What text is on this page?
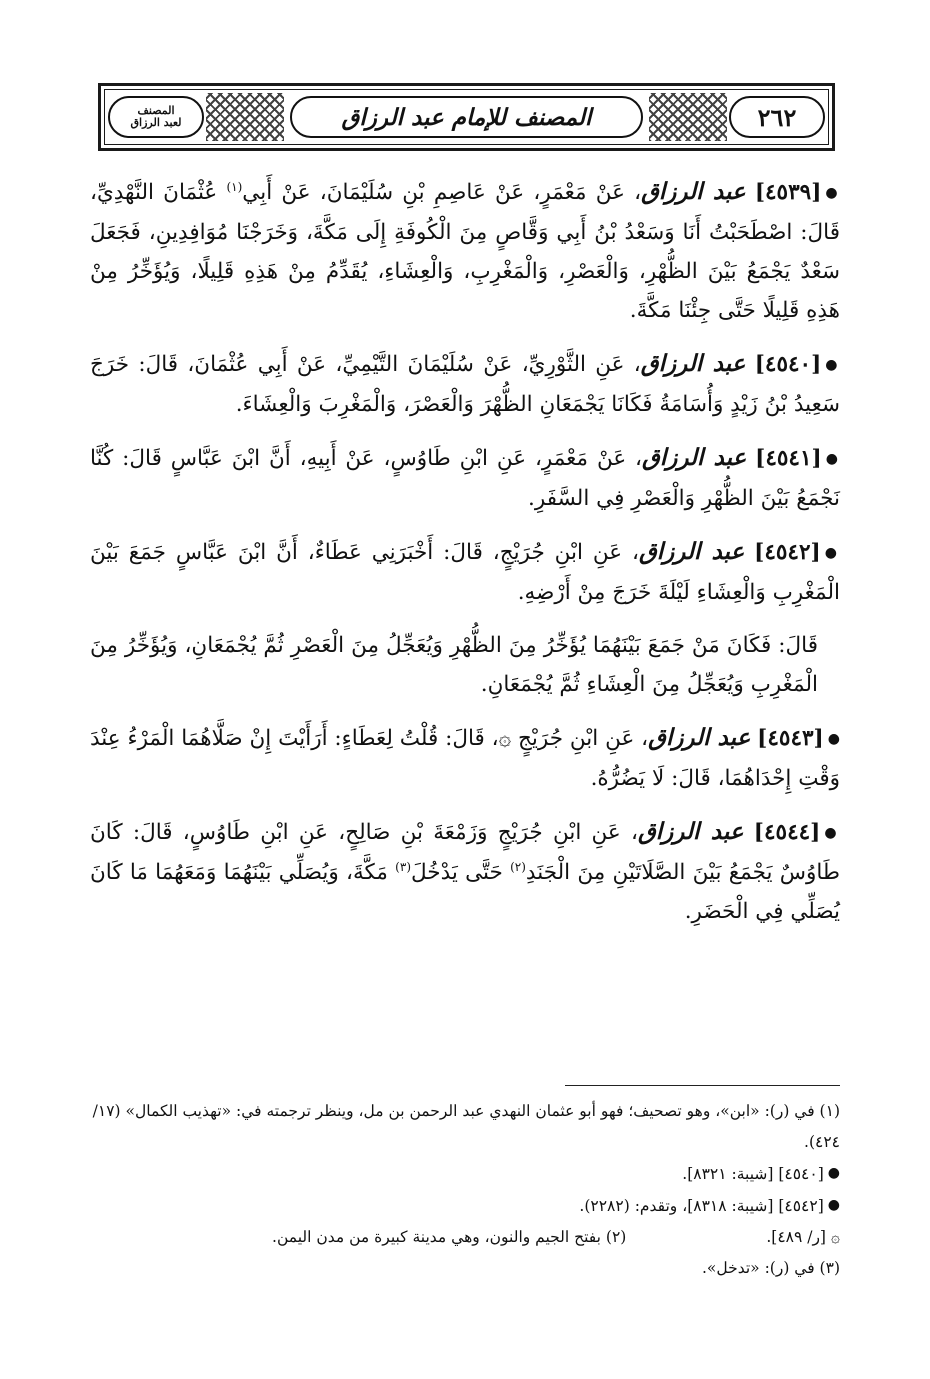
المصنف
لعبد الرزاق	المصنف للإمام عبد الرزاق	٢٦٢

●[٤٥٣٩] عبد الرزاق، عَنْ مَعْمَرٍ، عَنْ عَاصِمِ بْنِ سُلَيْمَانَ، عَنْ أَبِي$^{(١)}$ عُثْمَانَ النَّهْدِيِّ، قَالَ: اصْطَحَبْتُ أَنَا وَسَعْدُ بْنُ أَبِي وَقَّاصٍ مِنَ الْكُوفَةِ إِلَى مَكَّةَ، وَخَرَجْنَا مُوَافِدِينِ، فَجَعَلَ سَعْدٌ يَجْمَعُ بَيْنَ الظُّهْرِ، وَالْعَصْرِ، وَالْمَغْرِبِ، وَالْعِشَاءِ، يُقَدِّمُ مِنْ هَذِهِ قَلِيلًا، وَيُؤَخِّرُ مِنْ هَذِهِ قَلِيلًا حَتَّى جِئْنَا مَكَّةَ.

●[٤٥٤٠] عبد الرزاق، عَنِ الثَّوْرِيِّ، عَنْ سُلَيْمَانَ التَّيْمِيِّ، عَنْ أَبِي عُثْمَانَ، قَالَ: خَرَجَ سَعِيدُ بْنُ زَيْدٍ وَأُسَامَةُ فَكَانَا يَجْمَعَانِ الظُّهْرَ وَالْعَصْرَ، وَالْمَغْرِبَ وَالْعِشَاءَ.

●[٤٥٤١] عبد الرزاق، عَنْ مَعْمَرٍ، عَنِ ابْنِ طَاوُسٍ، عَنْ أَبِيهِ، أَنَّ ابْنَ عَبَّاسٍ قَالَ: كُنَّا نَجْمَعُ بَيْنَ الظُّهْرِ وَالْعَصْرِ فِي السَّفَرِ.

●[٤٥٤٢] عبد الرزاق، عَنِ ابْنِ جُرَيْجٍ، قَالَ: أَخْبَرَنِي عَطَاءٌ، أَنَّ ابْنَ عَبَّاسٍ جَمَعَ بَيْنَ الْمَغْرِبِ وَالْعِشَاءِ لَيْلَةَ خَرَجَ مِنْ أَرْضِهِ.

قَالَ: فَكَانَ مَنْ جَمَعَ بَيْنَهُمَا يُؤَخِّرُ مِنَ الظُّهْرِ وَيُعَجِّلُ مِنَ الْعَصْرِ ثُمَّ يُجْمَعَانِ، وَيُؤَخِّرُ مِنَ الْمَغْرِبِ وَيُعَجِّلُ مِنَ الْعِشَاءِ ثُمَّ يُجْمَعَانِ.

●[٤٥٤٣] عبد الرزاق، عَنِ ابْنِ جُرَيْجٍ ۞، قَالَ: قُلْتُ لِعَطَاءٍ: أَرَأَيْتَ إِنْ صَلَّاهُمَا الْمَرْءُ عِنْدَ وَقْتِ إِحْدَاهُمَا، قَالَ: لَا يَضُرُّهُ.

●[٤٥٤٤] عبد الرزاق، عَنِ ابْنِ جُرَيْجٍ وَزَمْعَةَ بْنِ صَالِحٍ، عَنِ ابْنِ طَاوُسٍ، قَالَ: كَانَ طَاوُسٌ يَجْمَعُ بَيْنَ الصَّلَاتَيْنِ مِنَ الْجَنَدِ$^{(٢)}$ حَتَّى يَدْخُلَ$^{(٣)}$ مَكَّةَ، وَيُصَلِّي بَيْنَهُمَا وَمَعَهُمَا مَا كَانَ يُصَلِّي فِي الْحَضَرِ.

(١) في (ر): «ابن»، وهو تصحيف؛ فهو أبو عثمان النهدي عبد الرحمن بن مل، وينظر ترجمته في: «تهذيب الكمال» (١٧/ ٤٢٤).

●[٤٥٤٠] [شيبة: ٨٣٢١].

●[٤٥٤٢] [شيبة: ٨٣١٨]، وتقدم: (٢٢٨٢).

۞ [ر/ ٤٨٩].
(٢) بفتح الجيم والنون، وهي مدينة كبيرة من مدن اليمن.

(٣) في (ر): «تدخل».
